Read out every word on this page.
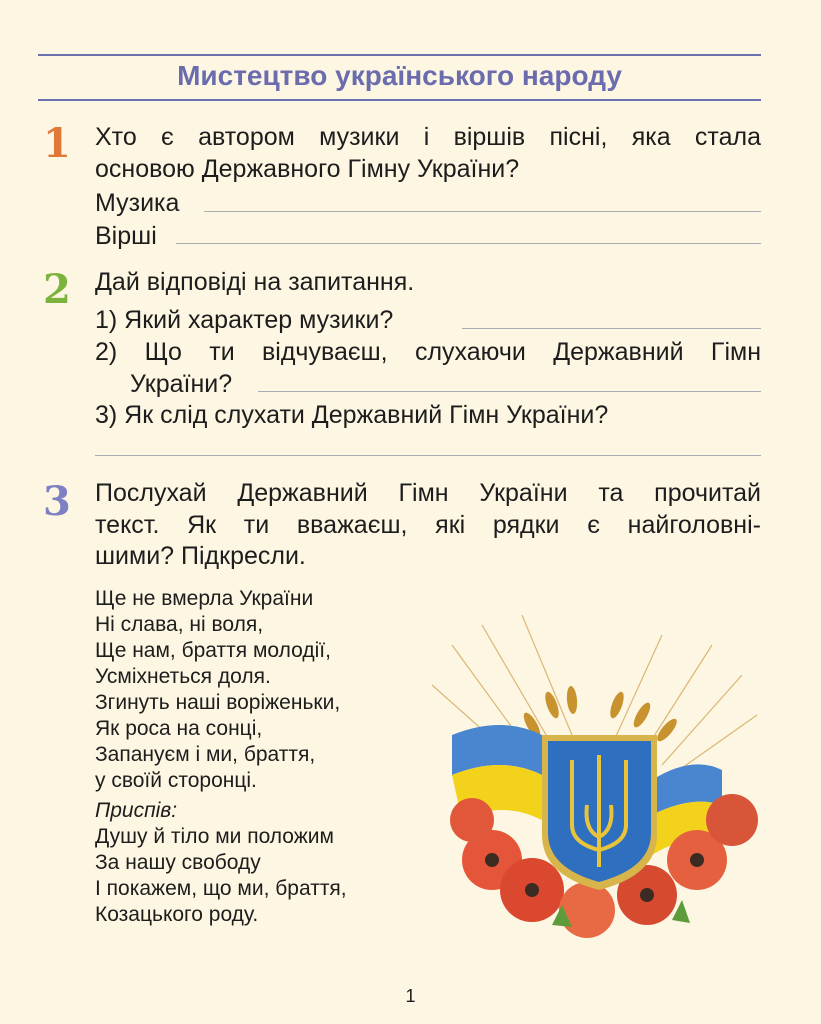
Мистецтво українського народу
1 Хто є автором музики і віршів пісні, яка стала
основою Державного Гімну України?
Музика
Вірші
2 Дай відповіді на запитання.
1) Який характер музики?
2) Що ти відчуваєш, слухаючи Державний Гімн
України?
3) Як слід слухати Державний Гімн України?
3 Послухай Державний Гімн України та прочитай
текст. Як ти вважаєш, які рядки є найголовні-
шими? Підкресли.
Ще не вмерла України
Ні слава, ні воля,
Ще нам, браття молодії,
Усміхнеться доля.
Згинуть наші воріженьки,
Як роса на сонці,
Запануєм і ми, браття,
у своїй сторонці.
Приспів:
Душу й тіло ми положим
За нашу свободу
І покажем, що ми, браття,
Козацького роду.
1
